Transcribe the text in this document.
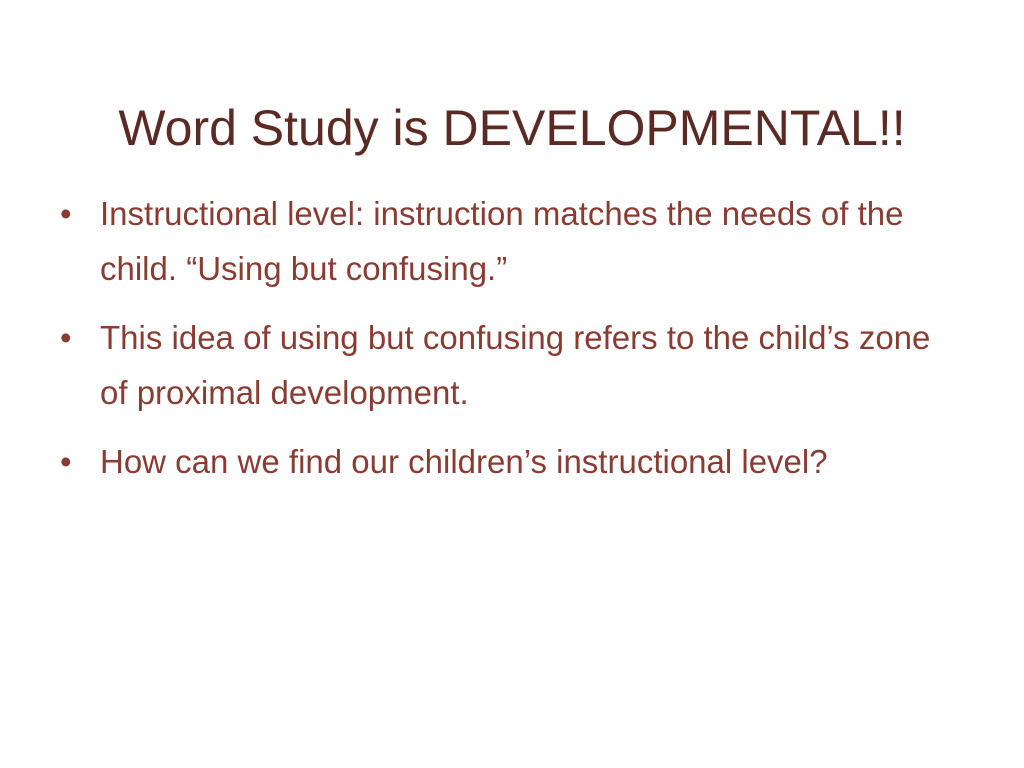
Word Study is DEVELOPMENTAL!!
• Instructional level: instruction matches the needs of the child. “Using but confusing.”
• This idea of using but confusing refers to the child’s zone of proximal development.
• How can we find our children’s instructional level?
